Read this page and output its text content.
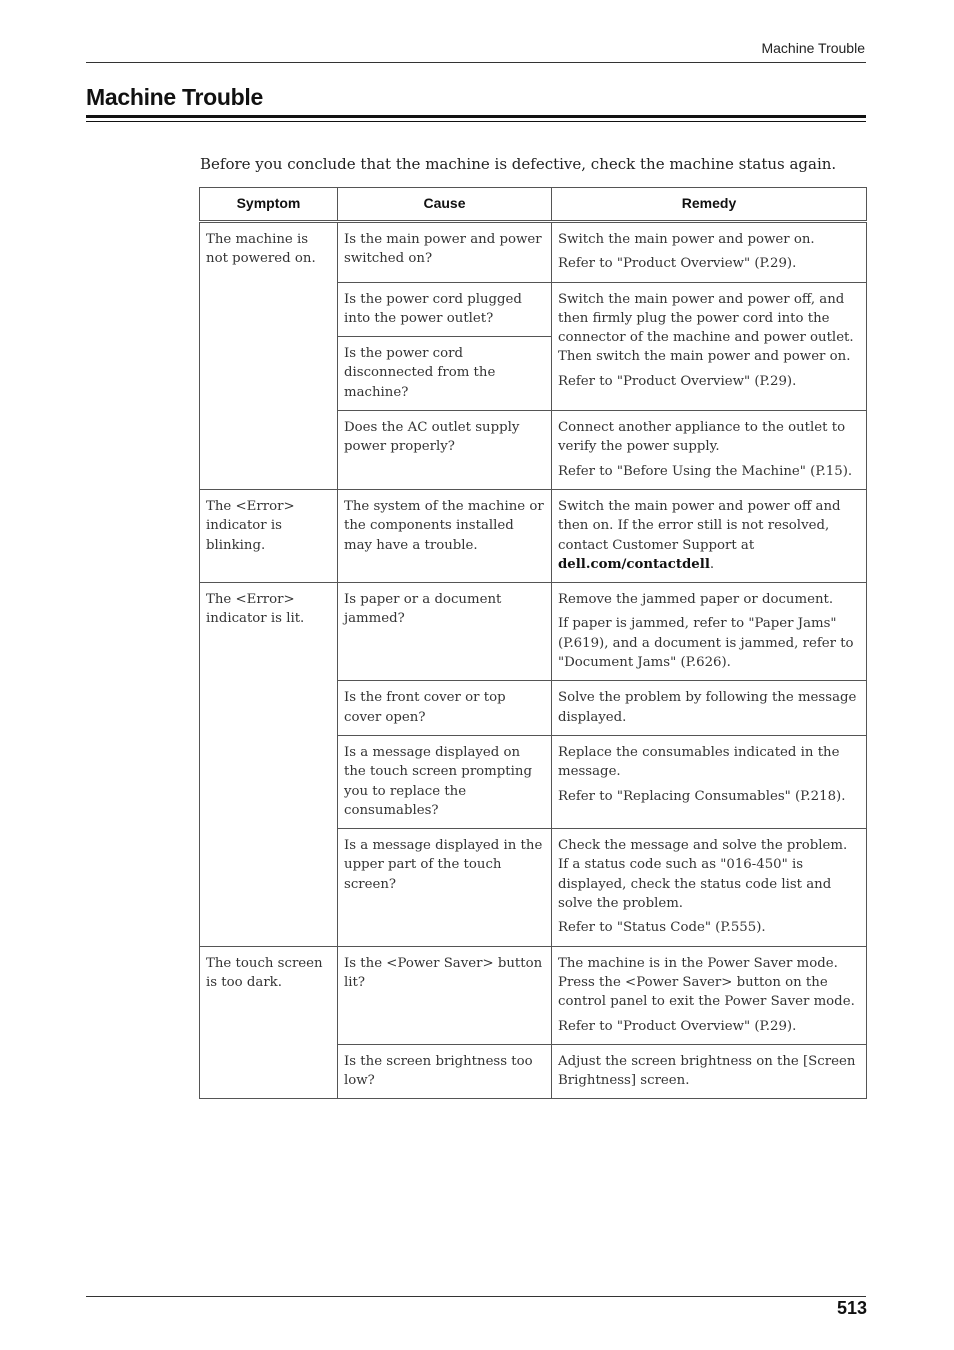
Machine Trouble
Machine Trouble

Before you conclude that the machine is defective, check the machine status again.

Symptom	Cause	Remedy

The machine is not powered on.	Is the main power and power switched on?	Switch the main power and power on.

Refer to "Product Overview" (P.29).

	Is the power cord plugged into the power outlet?	Switch the main power and power off, and then firmly plug the power cord into the connector of the machine and power outlet. Then switch the main power and power on.

Refer to "Product Overview" (P.29).

	Is the power cord disconnected from the machine?	

	Does the AC outlet supply power properly?	Connect another appliance to the outlet to verify the power supply.

Refer to "Before Using the Machine" (P.15).

The <Error> indicator is blinking.	The system of the machine or the components installed may have a trouble.	Switch the main power and power off and then on. If the error still is not resolved, contact Customer Support at dell.com/contactdell.

The <Error> indicator is lit.	Is paper or a document jammed?	Remove the jammed paper or document.

If paper is jammed, refer to "Paper Jams" (P.619), and a document is jammed, refer to "Document Jams" (P.626).

	Is the front cover or top cover open?	Solve the problem by following the message displayed.

	Is a message displayed on the touch screen prompting you to replace the consumables?	Replace the consumables indicated in the message.

Refer to "Replacing Consumables" (P.218).

	Is a message displayed in the upper part of the touch screen?	Check the message and solve the problem. If a status code such as "016-450" is displayed, check the status code list and solve the problem.

Refer to "Status Code" (P.555).

The touch screen is too dark.	Is the <Power Saver> button lit?	The machine is in the Power Saver mode. Press the <Power Saver> button on the control panel to exit the Power Saver mode.

Refer to "Product Overview" (P.29).

	Is the screen brightness too low?	Adjust the screen brightness on the [Screen Brightness] screen.

513
